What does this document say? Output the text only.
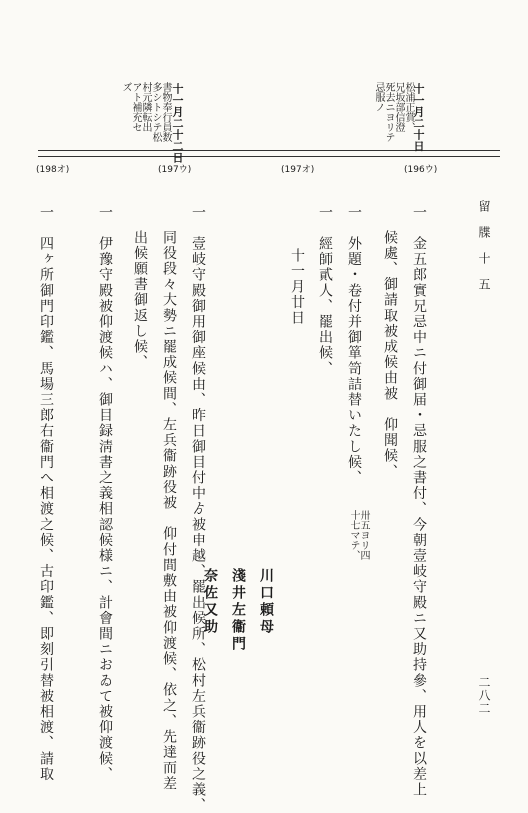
留　牒　十　五
二八二
十一月二十日
松浦正賞、
兄坂部信澄
死去ニヨリテ
忌服ノ
十一月二十二日
書物奉行員数
多シトシテ松
村元隣転出
アト補充セ
ズ
(198オ)	(197ウ)	(197オ)	(196ウ)
一　金五郎實兄忌中ニ付御届・忌服之書付、今朝壹岐守殿ニ又助持參、用人を以差上
候處、御請取被成候由被　仰聞候、
一　外題・卷付并御箪笥詰替いたし候、
卅五ヨリ四十七マテ、
一　經師貳人、罷出候、
十一月廿日
一　壹岐守殿御用御座候由、昨日御目付中ゟ被申越、罷出候所、松村左兵衞跡役之義、
同役段々大勢ニ罷成候間、左兵衞跡役被　仰付間敷由被仰渡候、依之、先達而差
出候願書御返し候、
一　伊豫守殿被仰渡候ハ、御目録淸書之義相認候様ニ、計會間ニおゐて被仰渡候、
一　四ヶ所御門印鑑、馬場三郎右衞門へ相渡之候、古印鑑、即刻引替被相渡、請取	川口頼母
淺井左衞門
奈佐又助
